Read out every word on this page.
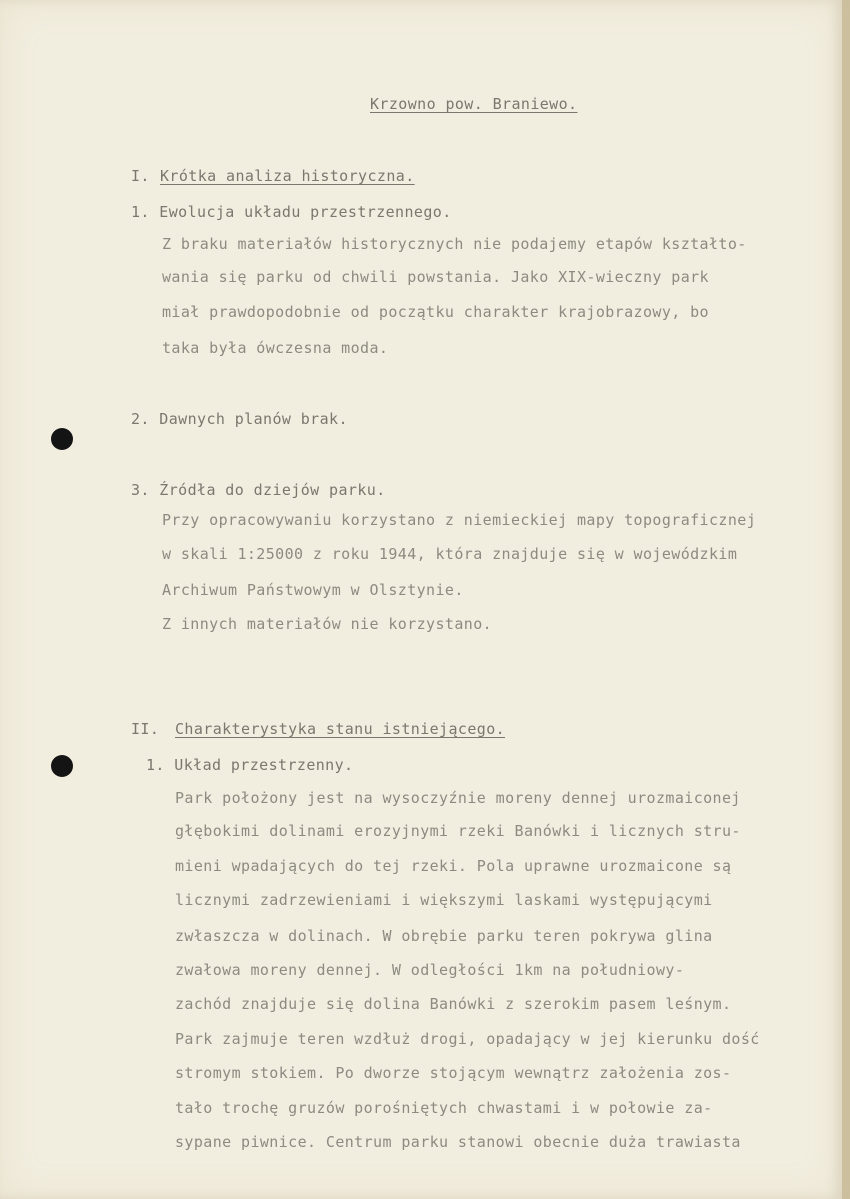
Krzowno pow. Braniewo.
I. Krótka analiza historyczna.
1. Ewolucja układu przestrzennego.
Z braku materiałów historycznych nie podajemy etapów kształto-
wania się parku od chwili powstania. Jako XIX-wieczny park
miał prawdopodobnie od początku charakter krajobrazowy, bo
taka była ówczesna moda.
2. Dawnych planów brak.
3. Źródła do dziejów parku.
Przy opracowywaniu korzystano z niemieckiej mapy topograficznej
w skali 1:25000 z roku 1944, która znajduje się w wojewódzkim
Archiwum Państwowym w Olsztynie.
Z innych materiałów nie korzystano.
II. Charakterystyka stanu istniejącego.
1. Układ przestrzenny.
Park położony jest na wysoczyźnie moreny dennej urozmaiconej
głębokimi dolinami erozyjnymi rzeki Banówki i licznych stru-
mieni wpadających do tej rzeki. Pola uprawne urozmaicone są
licznymi zadrzewieniami i większymi laskami występującymi
zwłaszcza w dolinach. W obrębie parku teren pokrywa glina
zwałowa moreny dennej. W odległości 1km na południowy-
zachód znajduje się dolina Banówki z szerokim pasem leśnym.
Park zajmuje teren wzdłuż drogi, opadający w jej kierunku dość
stromym stokiem. Po dworze stojącym wewnątrz założenia zos-
tało trochę gruzów porośniętych chwastami i w połowie za-
sypane piwnice. Centrum parku stanowi obecnie duża trawiasta
